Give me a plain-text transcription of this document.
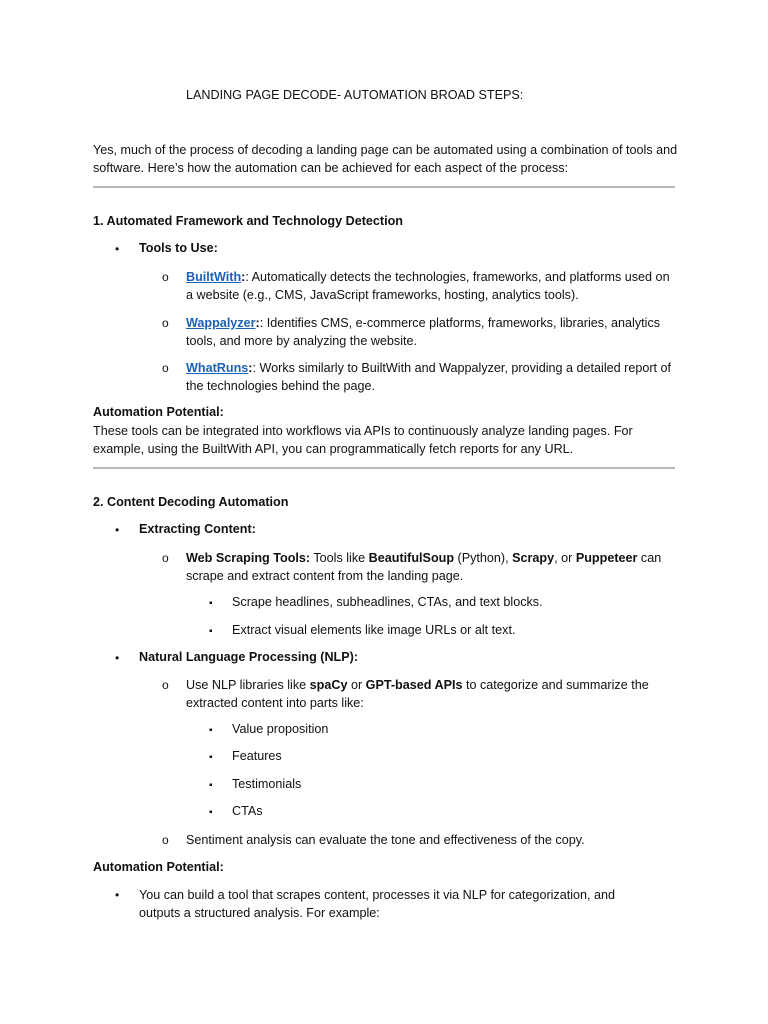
LANDING PAGE DECODE- AUTOMATION BROAD STEPS:
Yes, much of the process of decoding a landing page can be automated using a combination of tools and software. Here’s how the automation can be achieved for each aspect of the process:
1. Automated Framework and Technology Detection
• Tools to Use:
o BuiltWith:: Automatically detects the technologies, frameworks, and platforms used on a website (e.g., CMS, JavaScript frameworks, hosting, analytics tools).
o Wappalyzer:: Identifies CMS, e-commerce platforms, frameworks, libraries, analytics tools, and more by analyzing the website.
o WhatRuns:: Works similarly to BuiltWith and Wappalyzer, providing a detailed report of the technologies behind the page.
Automation Potential:
These tools can be integrated into workflows via APIs to continuously analyze landing pages. For example, using the BuiltWith API, you can programmatically fetch reports for any URL.
2. Content Decoding Automation
• Extracting Content:
o Web Scraping Tools: Tools like BeautifulSoup (Python), Scrapy, or Puppeteer can scrape and extract content from the landing page.
▪ Scrape headlines, subheadlines, CTAs, and text blocks.
▪ Extract visual elements like image URLs or alt text.
• Natural Language Processing (NLP):
o Use NLP libraries like spaCy or GPT-based APIs to categorize and summarize the extracted content into parts like:
▪ Value proposition
▪ Features
▪ Testimonials
▪ CTAs
o Sentiment analysis can evaluate the tone and effectiveness of the copy.
Automation Potential:
• You can build a tool that scrapes content, processes it via NLP for categorization, and outputs a structured analysis. For example:
